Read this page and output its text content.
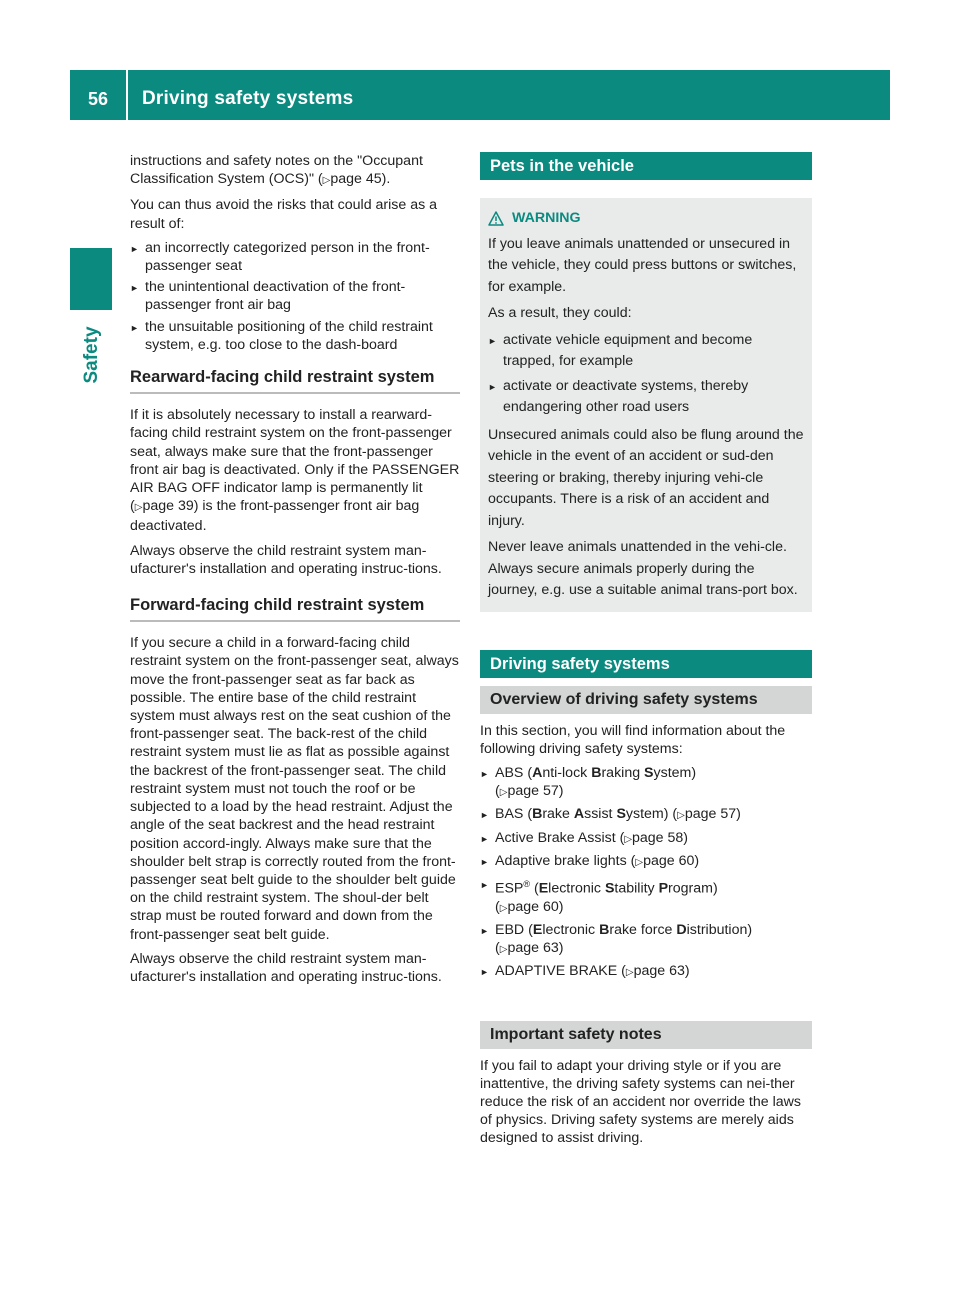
56	Driving safety systems
Safety

instructions and safety notes on the "Occupant Classification System (OCS)" (▷page 45).

You can thus avoid the risks that could arise as a result of:

► an incorrectly categorized person in the front-passenger seat
► the unintentional deactivation of the front-passenger front air bag
► the unsuitable positioning of the child restraint system, e.g. too close to the dash-board
Rearward-facing child restraint system

If it is absolutely necessary to install a rearward-facing child restraint system on the front-passenger seat, always make sure that the front-passenger front air bag is deactivated. Only if the PASSENGER AIR BAG OFF indicator lamp is permanently lit (▷page 39) is the front-passenger front air bag deactivated.

Always observe the child restraint system man-ufacturer's installation and operating instruc-tions.

Forward-facing child restraint system

If you secure a child in a forward-facing child restraint system on the front-passenger seat, always move the front-passenger seat as far back as possible. The entire base of the child restraint system must always rest on the seat cushion of the front-passenger seat. The back-rest of the child restraint system must lie as flat as possible against the backrest of the front-passenger seat. The child restraint system must not touch the roof or be subjected to a load by the head restraint. Adjust the angle of the seat backrest and the head restraint position accord-ingly. Always make sure that the shoulder belt strap is correctly routed from the front-passenger seat belt guide to the shoulder belt guide on the child restraint system. The shoul-der belt strap must be routed forward and down from the front-passenger seat belt guide.

Always observe the child restraint system man-ufacturer's installation and operating instruc-tions.

Pets in the vehicle
WARNING

If you leave animals unattended or unsecured in the vehicle, they could press buttons or switches, for example.

As a result, they could:

► activate vehicle equipment and become trapped, for example
► activate or deactivate systems, thereby endangering other road users

Unsecured animals could also be flung around the vehicle in the event of an accident or sud-den steering or braking, thereby injuring vehi-cle occupants. There is a risk of an accident and injury.

Never leave animals unattended in the vehi-cle. Always secure animals properly during the journey, e.g. use a suitable animal trans-port box.

Driving safety systems
Overview of driving safety systems

In this section, you will find information about the following driving safety systems:

► ABS (Anti-lock Braking System)
(▷page 57)
► BAS (Brake Assist System) (▷page 57)
► Active Brake Assist (▷page 58)
► Adaptive brake lights (▷page 60)
► ESP® (Electronic Stability Program)
(▷page 60)
► EBD (Electronic Brake force Distribution)
(▷page 63)
► ADAPTIVE BRAKE (▷page 63)
Important safety notes

If you fail to adapt your driving style or if you are inattentive, the driving safety systems can nei-ther reduce the risk of an accident nor override the laws of physics. Driving safety systems are merely aids designed to assist driving.
